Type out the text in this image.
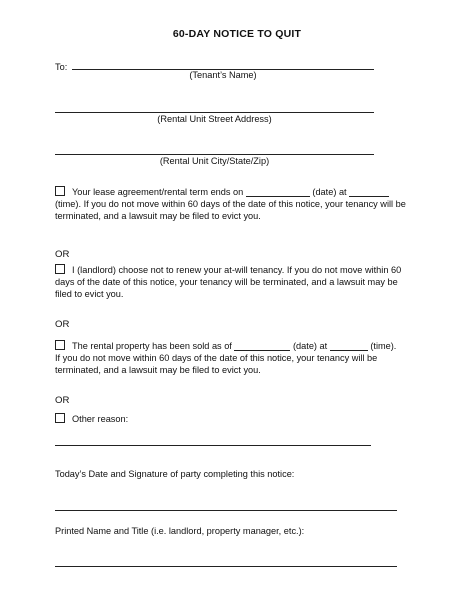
60-DAY NOTICE TO QUIT
To:
(Tenant’s Name)
(Rental Unit Street Address)
(Rental Unit City/State/Zip)
Your lease agreement/rental term ends on	(date) at
(time). If you do not move within 60 days of the date of this notice, your tenancy will be
terminated, and a lawsuit may be filed to evict you.
OR
I (landlord) choose not to renew your at-will tenancy. If you do not move within 60
days of the date of this notice, your tenancy will be terminated, and a lawsuit may be
filed to evict you.
OR
The rental property has been sold as of	(date) at	(time).
If you do not move within 60 days of the date of this notice, your tenancy will be
terminated, and a lawsuit may be filed to evict you.
OR
Other reason:
Today’s Date and Signature of party completing this notice:
Printed Name and Title (i.e. landlord, property manager, etc.):
